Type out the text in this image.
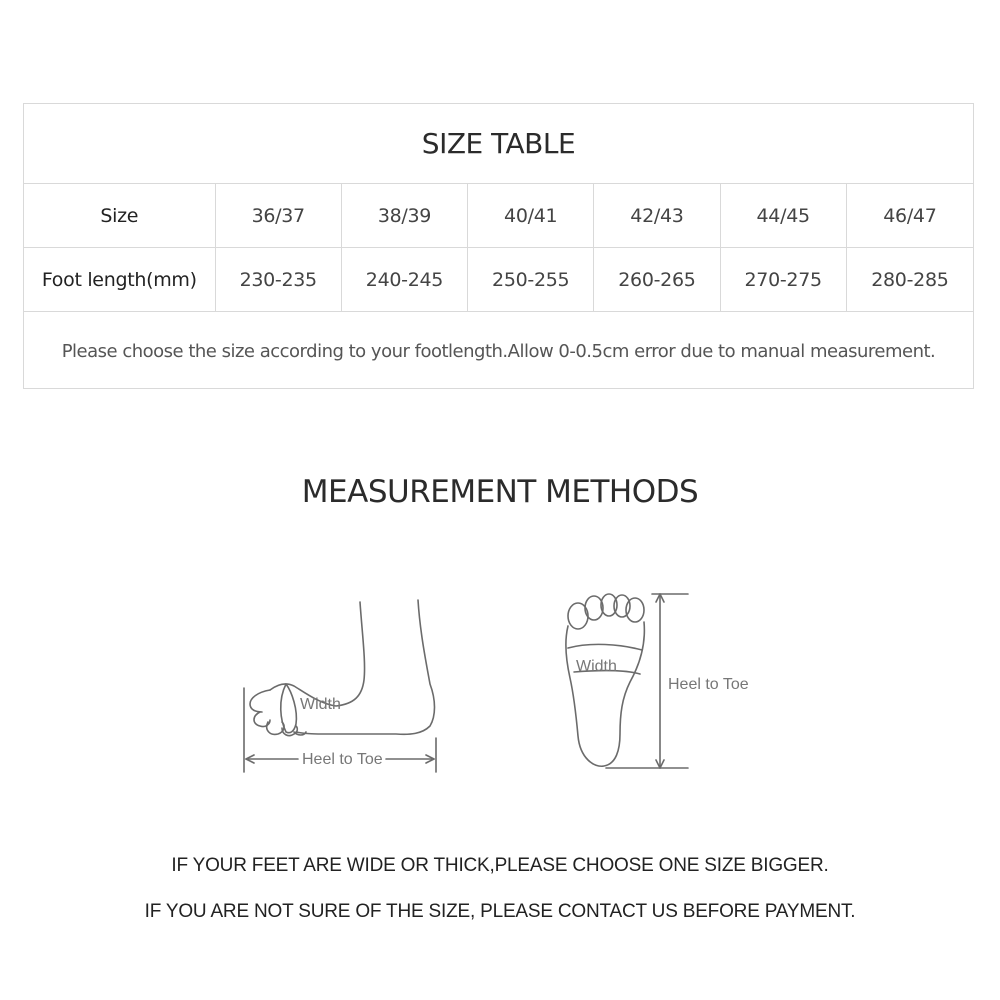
SIZE TABLE
Size	36/37	38/39	40/41	42/43	44/45	46/47
Foot length(mm)	230-235	240-245	250-255	260-265	270-275	280-285
Please choose the size according to your footlength.Allow 0-0.5cm error due to manual measurement.
MEASUREMENT METHODS
Width
Heel to Toe
Width
Heel to Toe
IF YOUR FEET ARE WIDE OR THICK,PLEASE CHOOSE ONE SIZE BIGGER.
IF YOU ARE NOT SURE OF THE SIZE, PLEASE CONTACT US BEFORE PAYMENT.
